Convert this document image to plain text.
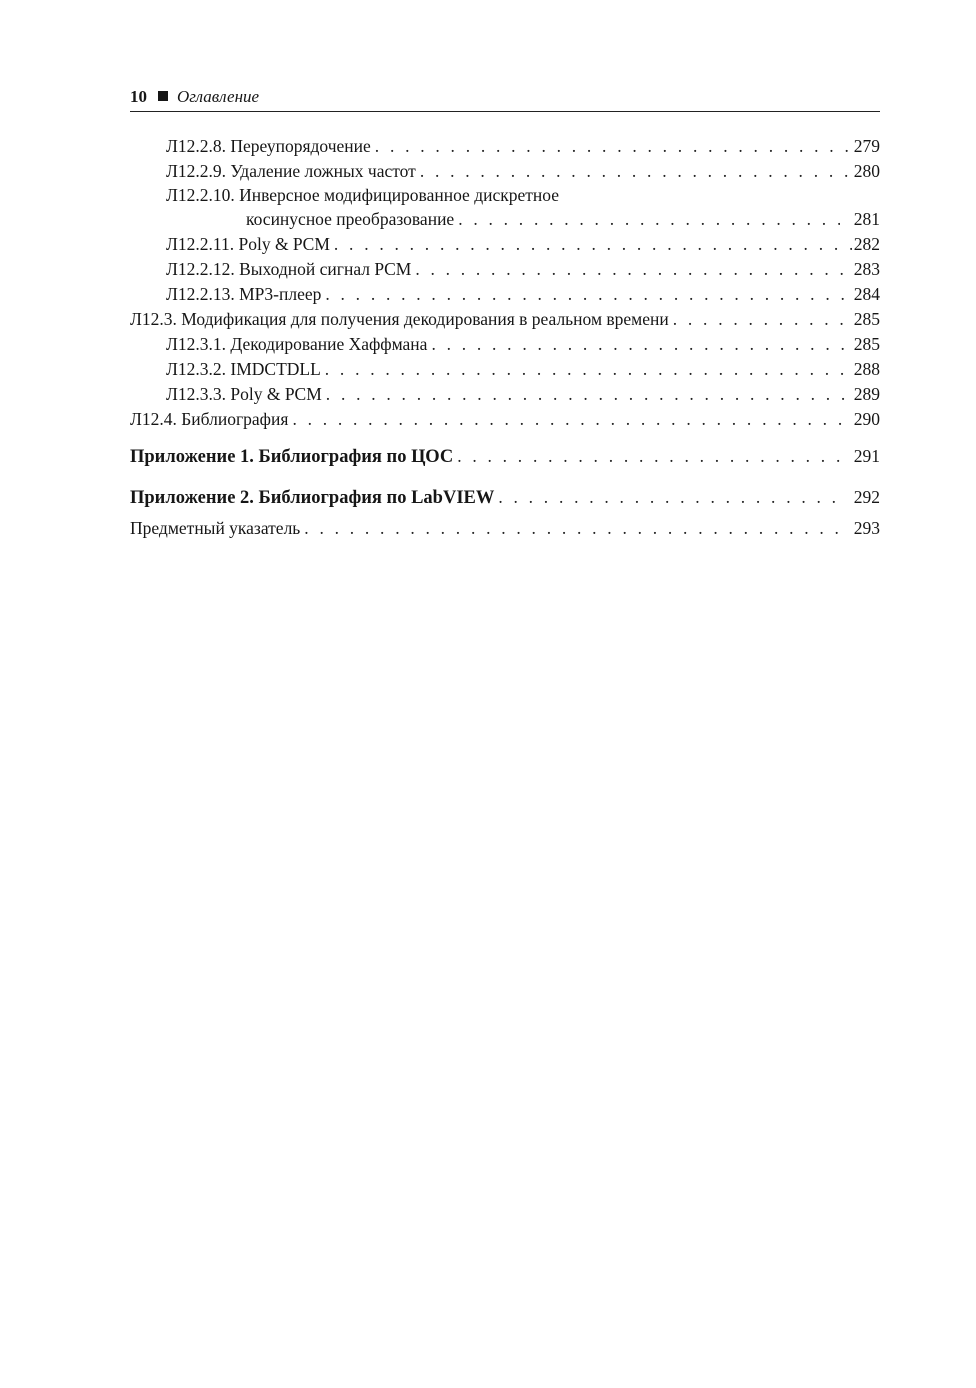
10 Оглавление
Л12.2.8. Переупорядочение . . .	279
Л12.2.9. Удаление ложных частот . . .	280
Л12.2.10. Инверсное модифицированное дискретное
косинусное преобразование . . .	281
Л12.2.11. Poly & PCM . . .	282
Л12.2.12. Выходной сигнал PCM . . .	283
Л12.2.13. MP3-плеер . . .	284
Л12.3. Модификация для получения декодирования в реальном времени . . .	285
Л12.3.1. Декодирование Хаффмана . . .	285
Л12.3.2. IMDCTDLL . . .	288
Л12.3.3. Poly & PCM . . .	289
Л12.4. Библиография . . .	290
Приложение 1. Библиография по ЦОС . . .	291
Приложение 2. Библиография по LabVIEW . . .	292
Предметный указатель . . .	293
